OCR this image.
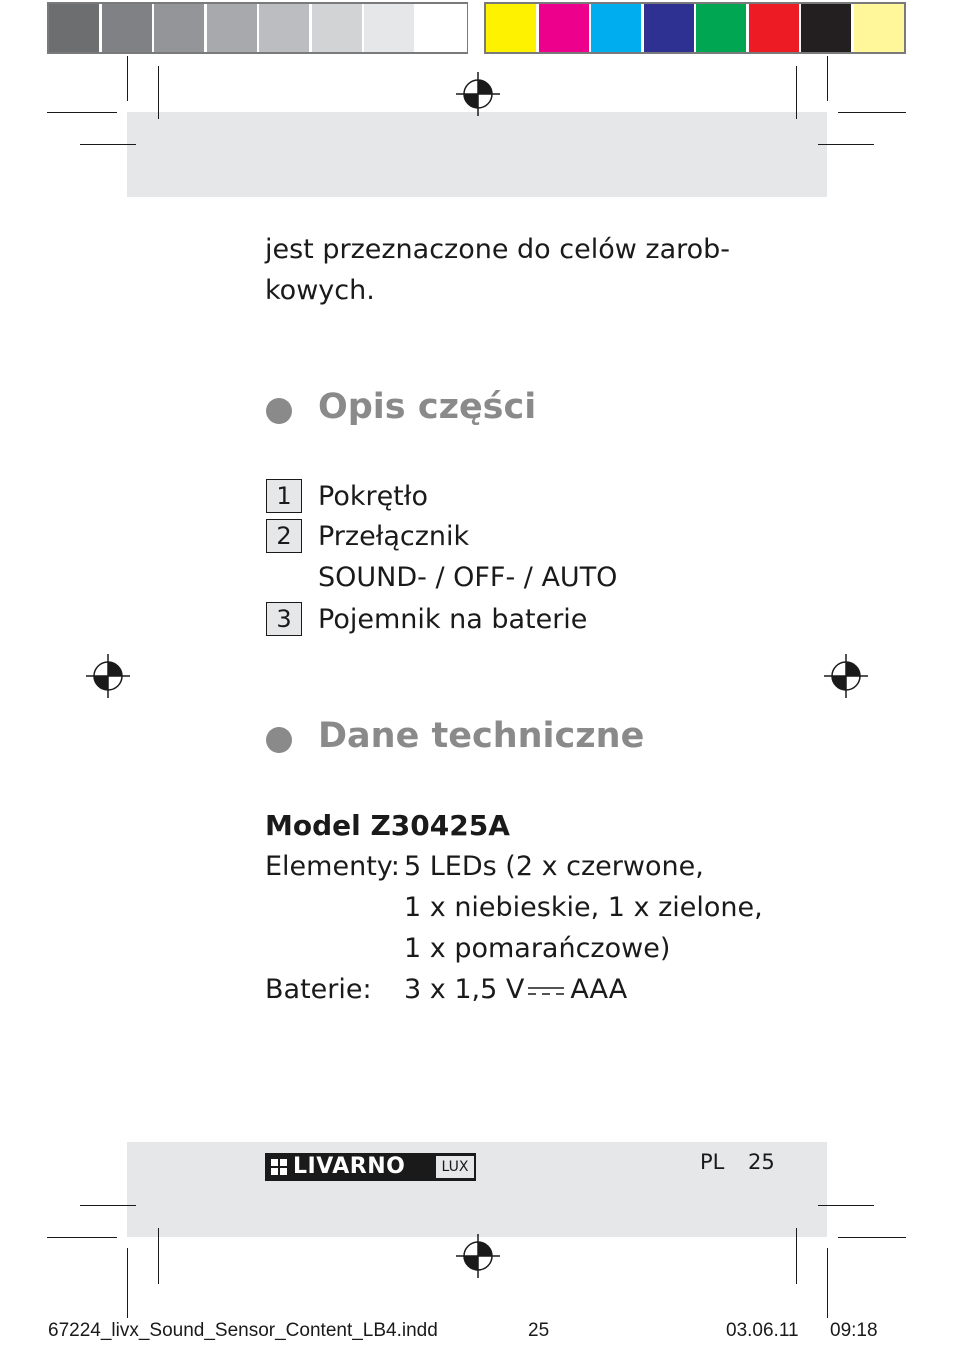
jest przeznaczone do celów zarob-
kowych.
Opis części
1 Pokrętło
2 Przełącznik
SOUND- / OFF- / AUTO
3 Pojemnik na baterie
Dane techniczne
Model Z30425A
Elementy: 5 LEDs (2 x czerwone,
1 x niebieskie, 1 x zielone,
1 x pomarańczowe)
Baterie: 3 x 1,5 V AAA
LIVARNO	LUX	PL 25
67224_livx_Sound_Sensor_Content_LB4.indd	25	03.06.11 09:18
